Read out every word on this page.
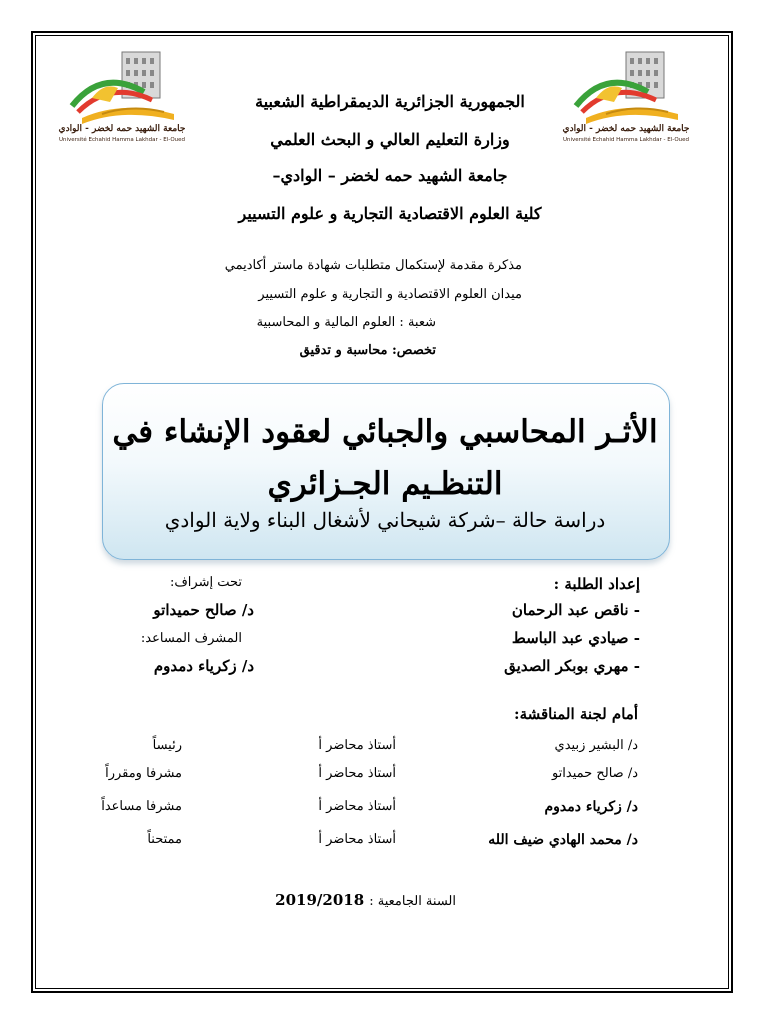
جامعة الشهيد حمه لخضر - الوادي
Université Echahid Hamma Lakhdar - El-Oued
جامعة الشهيد حمه لخضر - الوادي
Université Echahid Hamma Lakhdar - El-Oued
الجمهورية الجزائرية الديمقراطية الشعبية
وزارة التعليم العالي و البحث العلمي
جامعة الشهيد حمه لخضر – الوادي–
كلية العلوم الاقتصادية التجارية و علوم التسيير
مذكرة مقدمة لإستكمال متطلبات شهادة ماستر أكاديمي
ميدان العلوم الاقتصادية و التجارية و علوم التسيير
شعبة : العلوم المالية و المحاسبية
تخصص: محاسبة و تدقيق
الأثـر المحاسبي والجبائي لعقود الإنشاء في
التنظـيم الجـزائري
دراسة حالة –شركة شيحاني لأشغال البناء ولاية الوادي
إعداد الطلبة :
- ناقص عبد الرحمان
- صيادي عبد الباسط
- مهري بوبكر الصديق
تحت إشراف:
د/ صالح حميداتو
المشرف المساعد:
د/ زكرياء دمدوم
أمام لجنة المناقشة:
د/ البشير زبيدي
أستاذ محاضر أ
رئيساً
د/ صالح حميداتو
أستاذ محاضر أ
مشرفا ومقرراً
د/ زكرياء دمدوم
أستاذ محاضر أ
مشرفا مساعداً
د/ محمد الهادي ضيف الله
أستاذ محاضر أ
ممتحناً
السنة الجامعية : 2019/2018
